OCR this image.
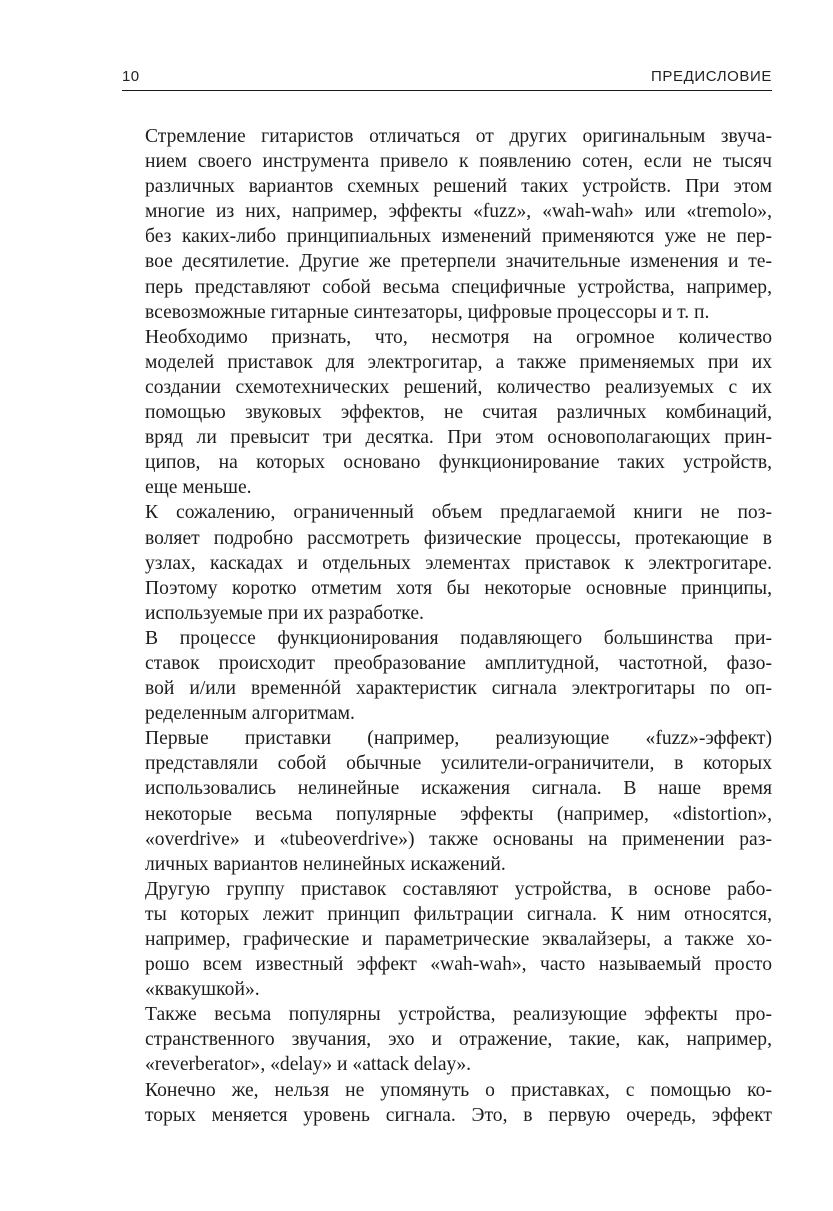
10	ПРЕДИСЛОВИЕ

Стремление гитаристов отличаться от других оригинальным звуча-
нием своего инструмента привело к появлению сотен, если не тысяч
различных вариантов схемных решений таких устройств. При этом
многие из них, например, эффекты «fuzz», «wah-wah» или «tremolo»,
без каких-либо принципиальных изменений применяются уже не пер-
вое десятилетие. Другие же претерпели значительные изменения и те-
перь представляют собой весьма специфичные устройства, например,
всевозможные гитарные синтезаторы, цифровые процессоры и т. п.

Необходимо признать, что, несмотря на огромное количество
моделей приставок для электрогитар, а также применяемых при их
создании схемотехнических решений, количество реализуемых с их
помощью звуковых эффектов, не считая различных комбинаций,
вряд ли превысит три десятка. При этом основополагающих прин-
ципов, на которых основано функционирование таких устройств,
еще меньше.

К сожалению, ограниченный объем предлагаемой книги не поз-
воляет подробно рассмотреть физические процессы, протекающие в
узлах, каскадах и отдельных элементах приставок к электрогитаре.
Поэтому коротко отметим хотя бы некоторые основные принципы,
используемые при их разработке.

В процессе функционирования подавляющего большинства при-
ставок происходит преобразование амплитудной, частотной, фазо-
вой и/или временнóй характеристик сигнала электрогитары по оп-
ределенным алгоритмам.

Первые приставки (например, реализующие «fuzz»-эффект)
представляли собой обычные усилители-ограничители, в которых
использовались нелинейные искажения сигнала. В наше время
некоторые весьма популярные эффекты (например, «distortion»,
«overdrive» и «tubeoverdrive») также основаны на применении раз-
личных вариантов нелинейных искажений.

Другую группу приставок составляют устройства, в основе рабо-
ты которых лежит принцип фильтрации сигнала. К ним относятся,
например, графические и параметрические эквалайзеры, а также хо-
рошо всем известный эффект «wah-wah», часто называемый просто
«квакушкой».

Также весьма популярны устройства, реализующие эффекты про-
странственного звучания, эхо и отражение, такие, как, например,
«reverberator», «delay» и «attack delay».

Конечно же, нельзя не упомянуть о приставках, с помощью ко-
торых меняется уровень сигнала. Это, в первую очередь, эффект
